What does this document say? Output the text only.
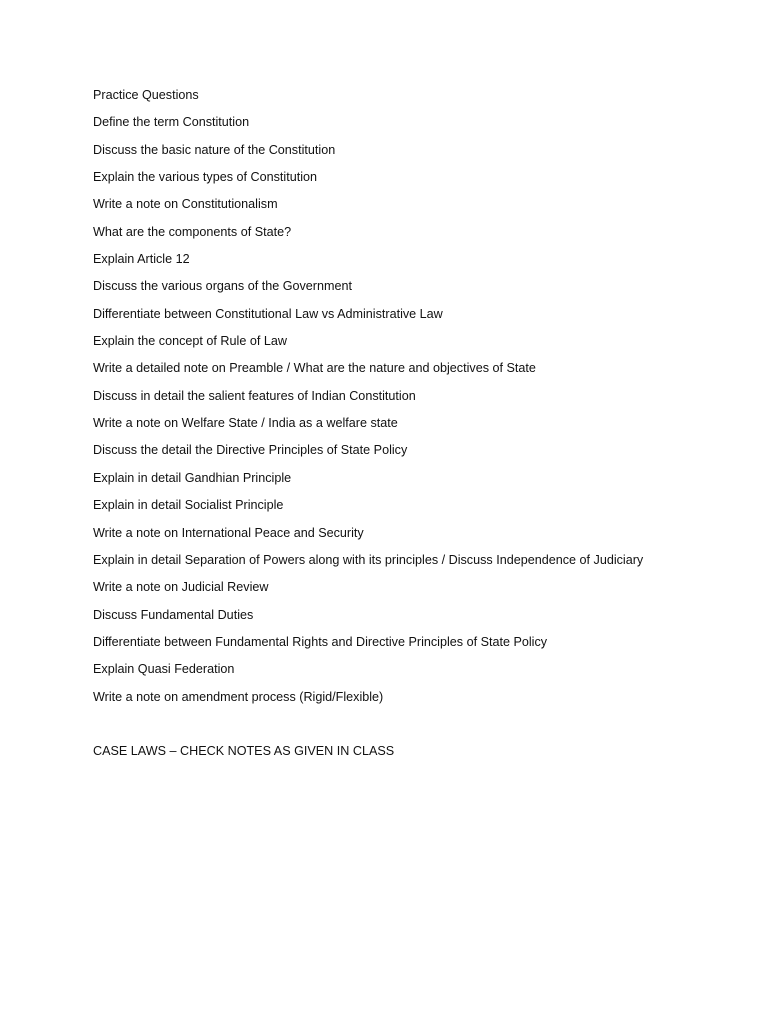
Practice Questions
Define the term Constitution
Discuss the basic nature of the Constitution
Explain the various types of Constitution
Write a note on Constitutionalism
What are the components of State?
Explain Article 12
Discuss the various organs of the Government
Differentiate between Constitutional Law vs Administrative Law
Explain the concept of Rule of Law
Write a detailed note on Preamble / What are the nature and objectives of State
Discuss in detail the salient features of Indian Constitution
Write a note on Welfare State / India as a welfare state
Discuss the detail the Directive Principles of State Policy
Explain in detail Gandhian Principle
Explain in detail Socialist Principle
Write a note on International Peace and Security
Explain in detail Separation of Powers along with its principles / Discuss Independence of Judiciary
Write a note on Judicial Review
Discuss Fundamental Duties
Differentiate between Fundamental Rights and Directive Principles of State Policy
Explain Quasi Federation
Write a note on amendment process (Rigid/Flexible)
CASE LAWS – CHECK NOTES AS GIVEN IN CLASS
